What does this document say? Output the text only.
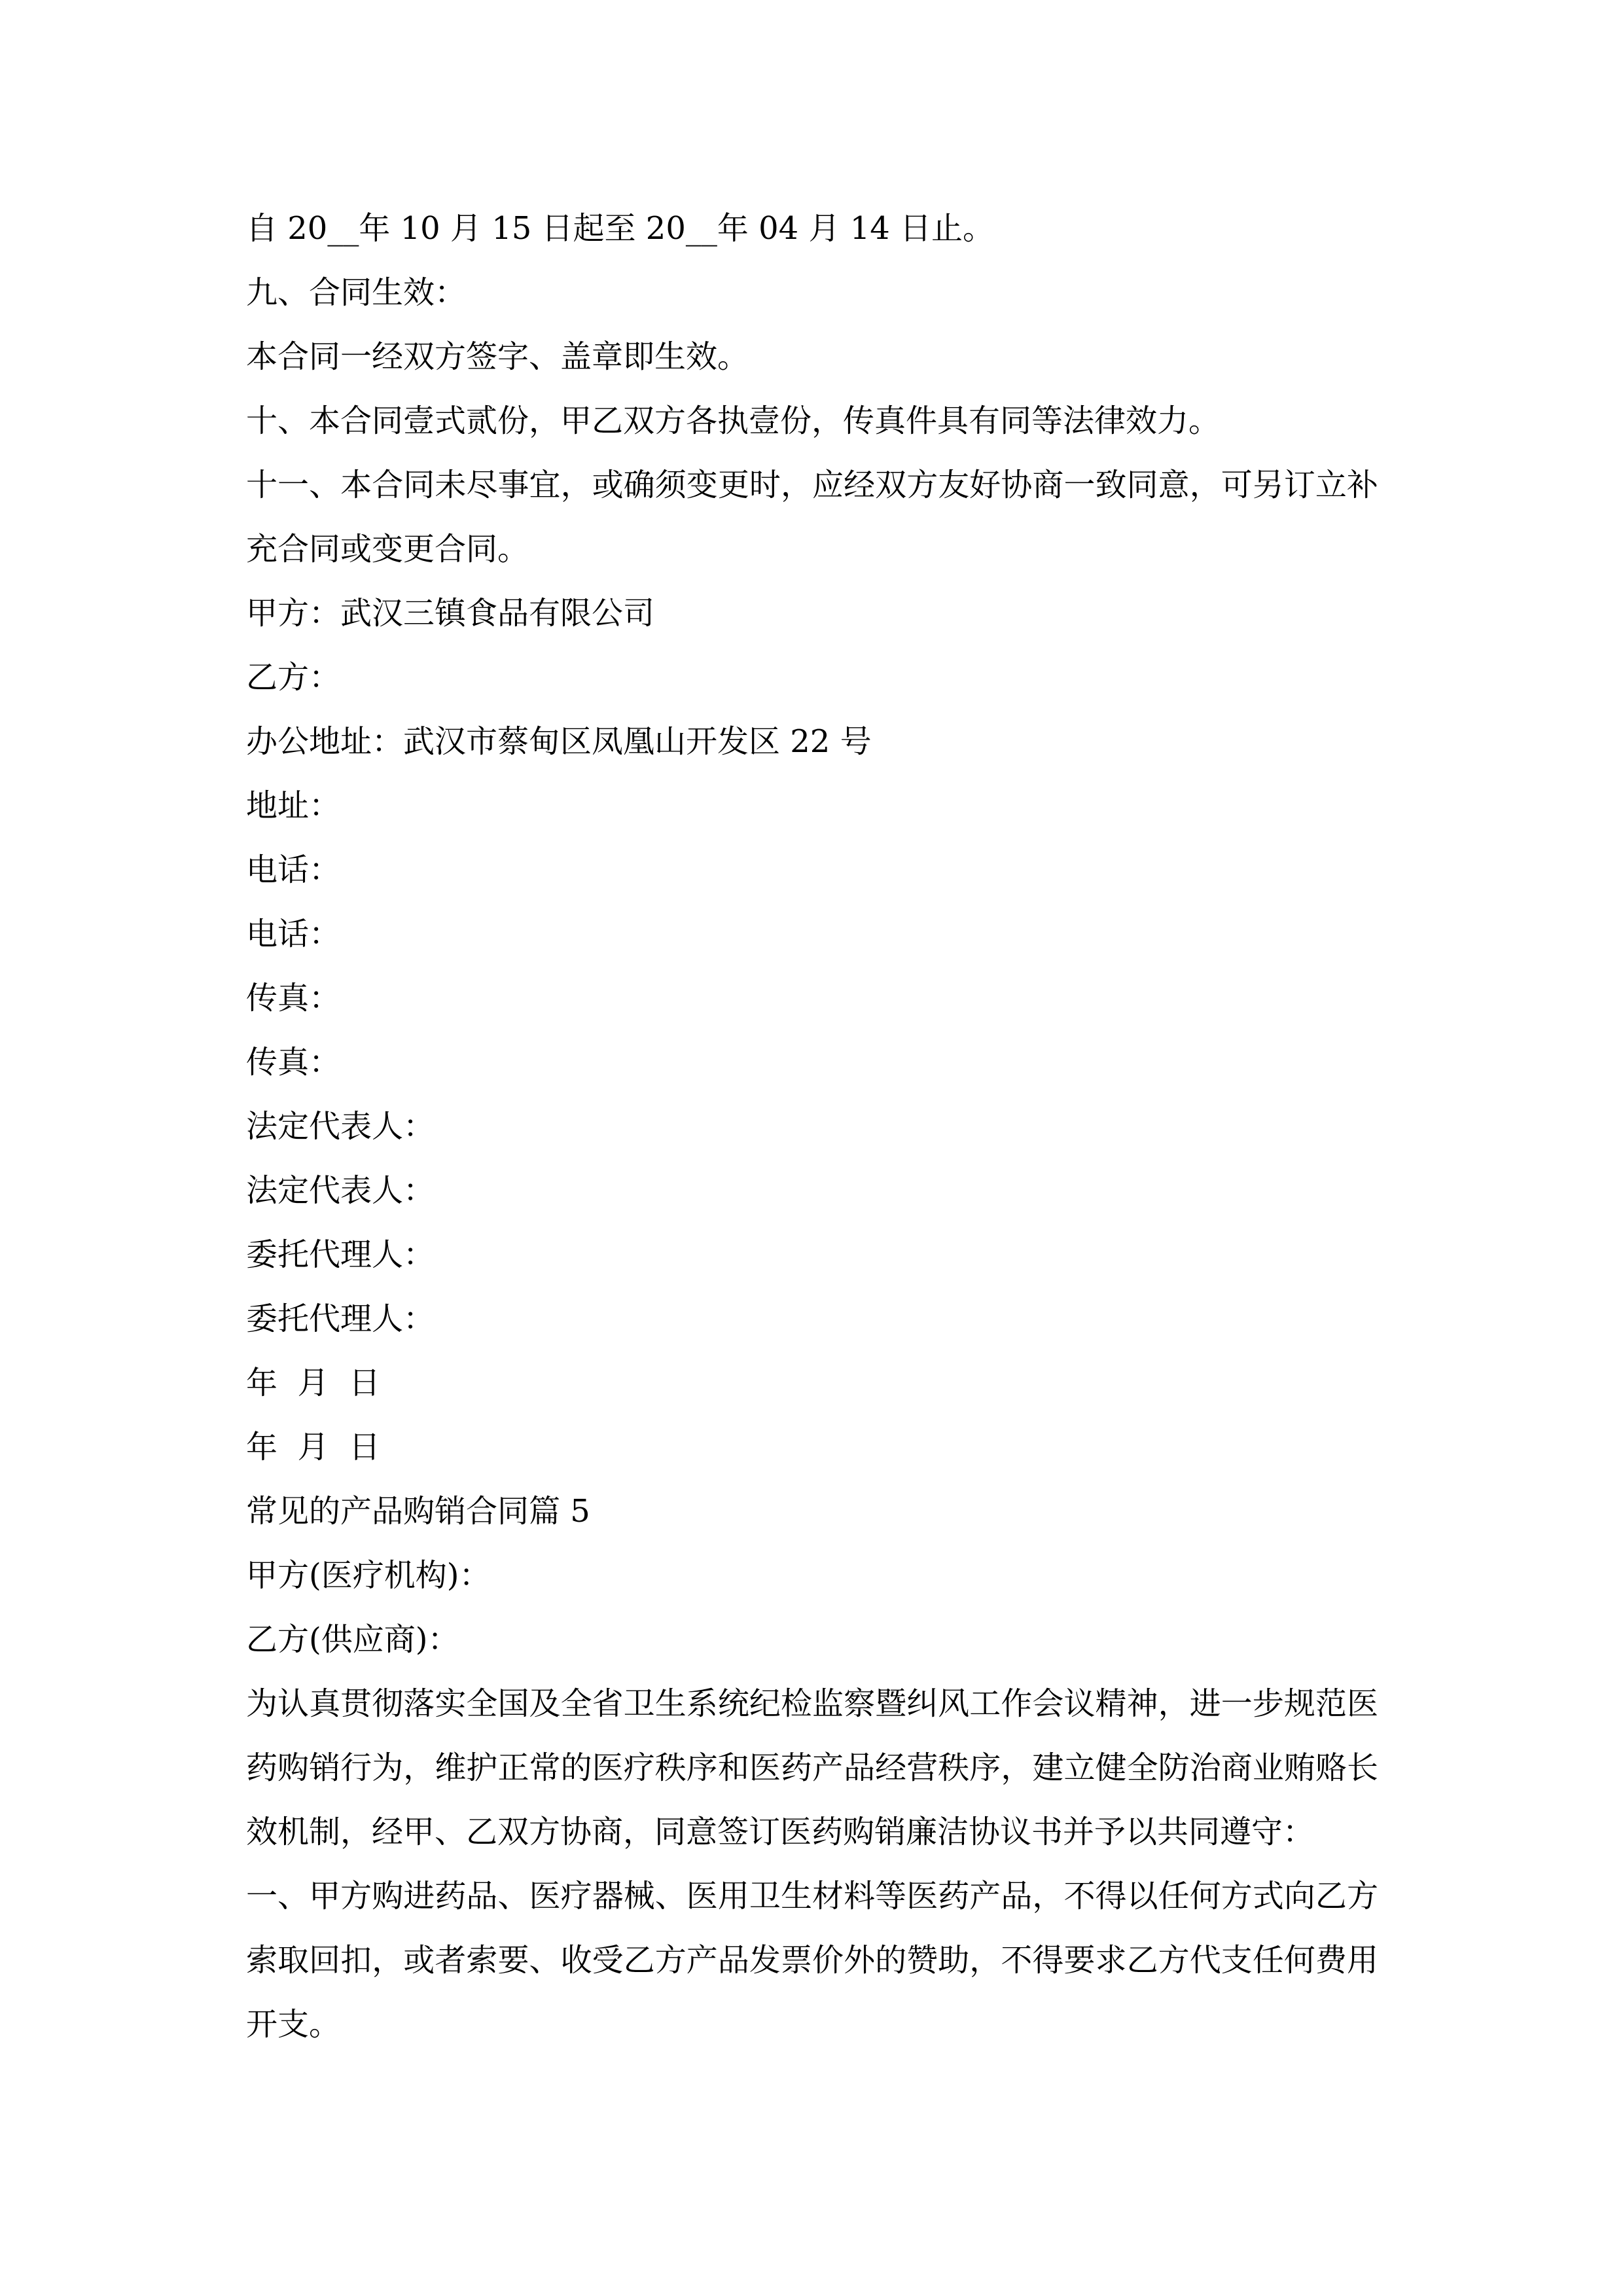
自 20__年 10 月 15 日起至 20__年 04 月 14 日止。
九、合同生效：
本合同一经双方签字、盖章即生效。
十、本合同壹式贰份，甲乙双方各执壹份，传真件具有同等法律效力。
十一、本合同未尽事宜，或确须变更时，应经双方友好协商一致同意，可另订立补充合同或变更合同。
甲方：武汉三镇食品有限公司
乙方：
办公地址：武汉市蔡甸区凤凰山开发区 22 号
地址：
电话：
电话：
传真：
传真：
法定代表人：
法定代表人：
委托代理人：
委托代理人：
年  月  日
年  月  日
常见的产品购销合同篇 5
甲方(医疗机构)：
乙方(供应商)：
为认真贯彻落实全国及全省卫生系统纪检监察暨纠风工作会议精神，进一步规范医药购销行为，维护正常的医疗秩序和医药产品经营秩序，建立健全防治商业贿赂长效机制，经甲、乙双方协商，同意签订医药购销廉洁协议书并予以共同遵守：
一、甲方购进药品、医疗器械、医用卫生材料等医药产品，不得以任何方式向乙方索取回扣，或者索要、收受乙方产品发票价外的赞助，不得要求乙方代支任何费用开支。
